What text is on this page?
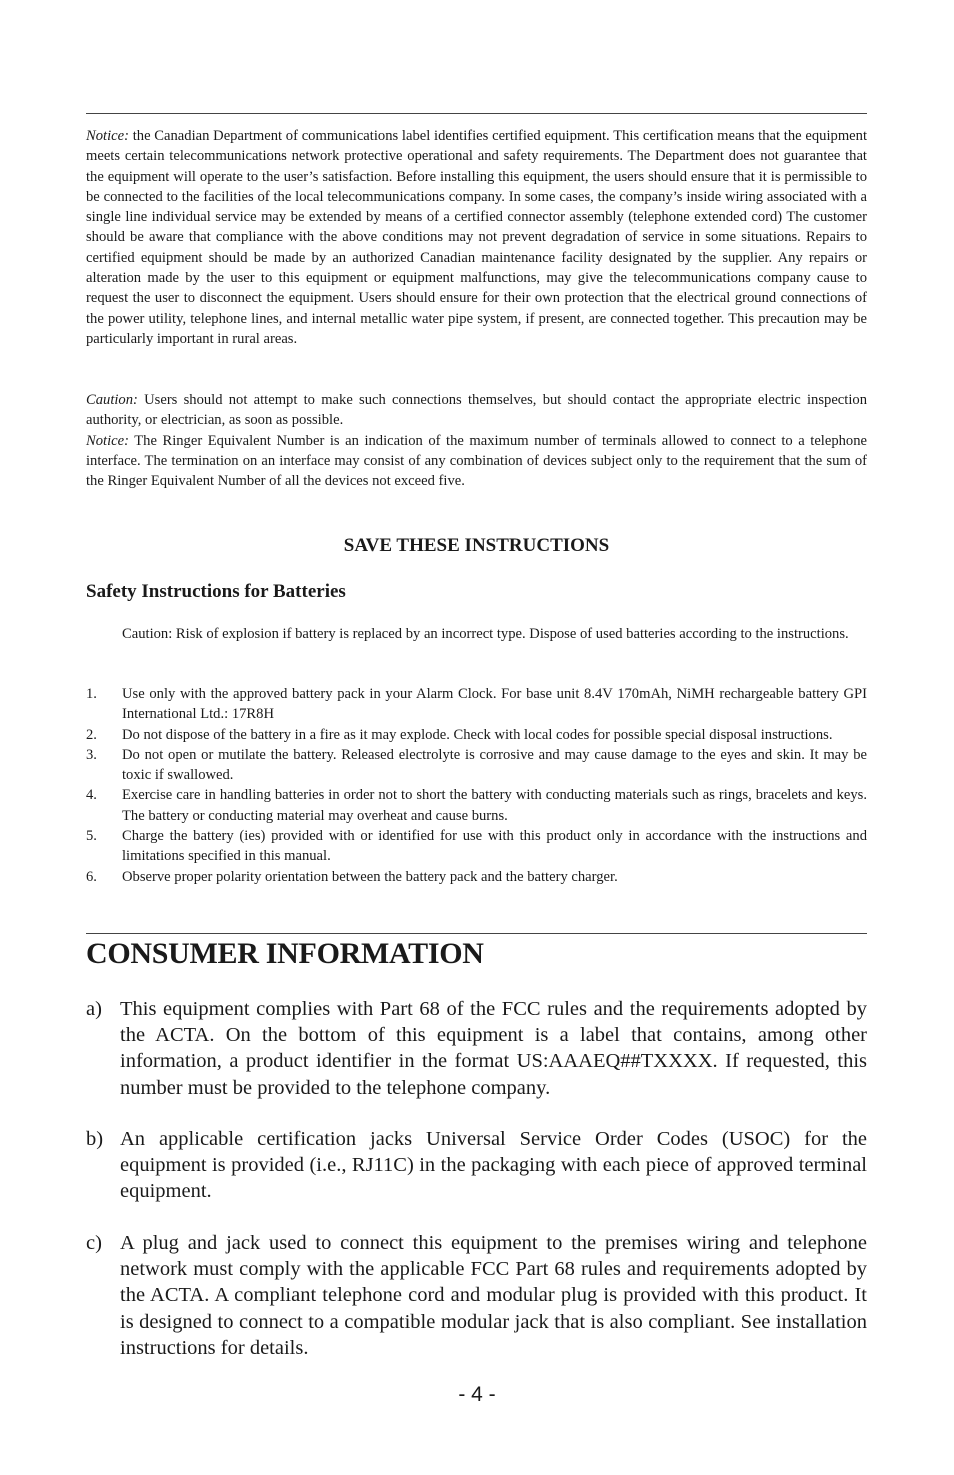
Notice: the Canadian Department of communications label identifies certified equipment. This certification means that the equipment meets certain telecommunications network protective operational and safety requirements. The Department does not guarantee that the equipment will operate to the user’s satisfaction. Before installing this equipment, the users should ensure that it is permissible to be connected to the facilities of the local telecommunications company. In some cases, the company’s inside wiring associated with a single line individual service may be extended by means of a certified connector assembly (telephone extended cord) The customer should be aware that compliance with the above conditions may not prevent degradation of service in some situations. Repairs to certified equipment should be made by an authorized Canadian maintenance facility designated by the supplier. Any repairs or alteration made by the user to this equipment or equipment malfunctions, may give the telecommunications company cause to request the user to disconnect the equipment. Users should ensure for their own protection that the electrical ground connections of the power utility, telephone lines, and internal metallic water pipe system, if present, are connected together. This precaution may be particularly important in rural areas.

Caution: Users should not attempt to make such connections themselves, but should contact the appropriate electric inspection authority, or electrician, as soon as possible.

Notice: The Ringer Equivalent Number is an indication of the maximum number of terminals allowed to connect to a telephone interface. The termination on an interface may consist of any combination of devices subject only to the requirement that the sum of the Ringer Equivalent Number of all the devices not exceed five.

SAVE THESE INSTRUCTIONS
Safety Instructions for Batteries

Caution: Risk of explosion if battery is replaced by an incorrect type. Dispose of used batteries according to the instructions.

1. Use only with the approved battery pack in your Alarm Clock. For base unit 8.4V 170mAh, NiMH rechargeable battery GPI International Ltd.: 17R8H
2. Do not dispose of the battery in a fire as it may explode. Check with local codes for possible special disposal instructions.
3. Do not open or mutilate the battery. Released electrolyte is corrosive and may cause damage to the eyes and skin. It may be toxic if swallowed.
4. Exercise care in handling batteries in order not to short the battery with conducting materials such as rings, bracelets and keys. The battery or conducting material may overheat and cause burns.
5. Charge the battery (ies) provided with or identified for use with this product only in accordance with the instructions and limitations specified in this manual.
6. Observe proper polarity orientation between the battery pack and the battery charger.
CONSUMER INFORMATION
a) This equipment complies with Part 68 of the FCC rules and the requirements adopted by the ACTA. On the bottom of this equipment is a label that contains, among other information, a product identifier in the format US:AAAEQ##TXXXX. If requested, this number must be provided to the telephone company.
b) An applicable certification jacks Universal Service Order Codes (USOC) for the equipment is provided (i.e., RJ11C) in the packaging with each piece of approved terminal equipment.
c) A plug and jack used to connect this equipment to the premises wiring and telephone network must comply with the applicable FCC Part 68 rules and requirements adopted by the ACTA. A compliant telephone cord and modular plug is provided with this product. It is designed to connect to a compatible modular jack that is also compliant. See installation instructions for details.
- 4 -
